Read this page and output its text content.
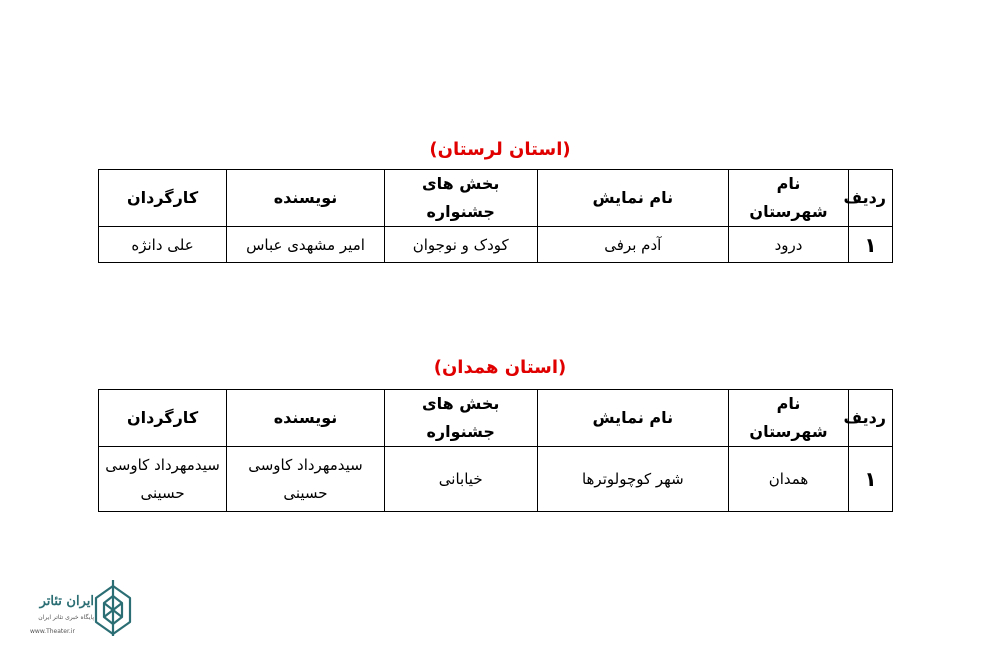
(استان لرستان)
ردیف	نام شهرستان	نام نمایش	بخش های جشنواره	نویسنده	کارگردان
۱	درود	آدم برفی	کودک و نوجوان	امیر مشهدی عباس	علی دانژه
(استان همدان)
ردیف	نام شهرستان	نام نمایش	بخش های جشنواره	نویسنده	کارگردان
۱	همدان	شهر کوچولوترها	خیابانی	سیدمهرداد کاوسی حسینی	سیدمهرداد کاوسی حسینی
ایران تئاتر
پایگاه خبری تئاتر ایران
www.Theater.ir
